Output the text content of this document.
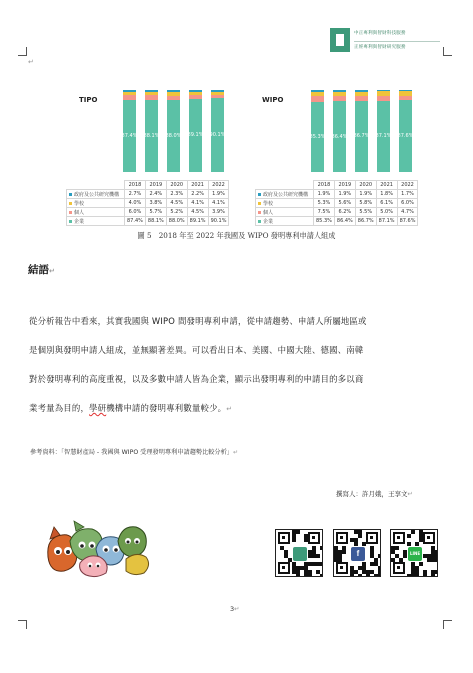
中正專利與智財科技服務
正經專利與智財研究服務
↵
TIPO
87.4%	88.1%	88.0%	89.1%	90.1%
	2018	2019	2020	2021	2022
政府及公共研究機構	2.7%	2.4%	2.3%	2.2%	1.9%
學校	4.0%	3.8%	4.5%	4.1%	4.1%
個人	6.0%	5.7%	5.2%	4.5%	3.9%
企業	87.4%	88.1%	88.0%	89.1%	90.1%
WIPO
85.3%	86.4%	86.7%	87.1%	87.6%
	2018	2019	2020	2021	2022
政府及公共研究機構	1.9%	1.9%	1.9%	1.8%	1.7%
學校	5.3%	5.6%	5.8%	6.1%	6.0%
個人	7.5%	6.2%	5.5%	5.0%	4.7%
企業	85.3%	86.4%	86.7%	87.1%	87.6%
圖 5　2018 年至 2022 年我國及 WIPO 發明專利申請人組成
結語↵
從分析報告中看來，其實我國與 WIPO 間發明專利申請，從申請趨勢、申請人所屬地區或
是個別與發明申請人組成，並無顯著差異。可以看出日本、美國、中國大陸、德國、南韓
對於發明專利的高度重視，以及多數申請人皆為企業，顯示出發明專利的申請目的多以商
業考量為目的，學研機構申請的發明專利數量較少。↵
參考資料：「智慧財產局 - 我國與 WIPO 受理發明專利申請趨勢比較分析」↵
撰寫人：許月娥，王享文↵
f	LINE
3↵
